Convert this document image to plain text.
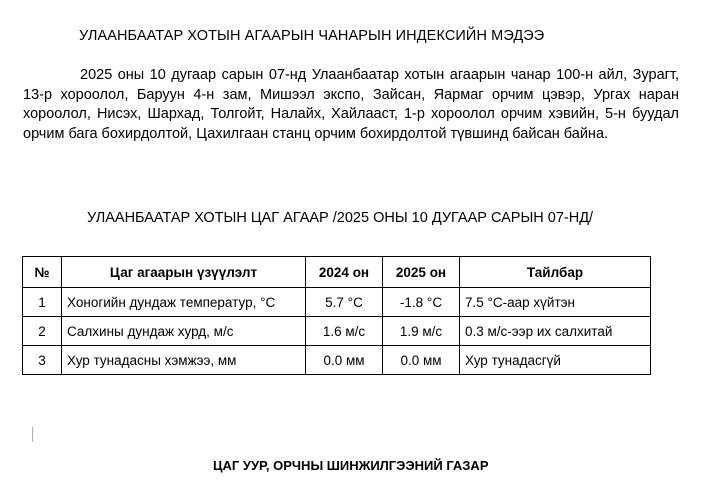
УЛААНБААТАР ХОТЫН АГААРЫН ЧАНАРЫН ИНДЕКСИЙН МЭДЭЭ
2025 оны 10 дугаар сарын 07-нд Улаанбаатар хотын агаарын чанар 100-н айл, Зурагт, 13-р хороолол, Баруун 4-н зам, Мишээл экспо, Зайсан, Яармаг орчим цэвэр, Ургах наран хороолол, Нисэх, Шархад, Толгойт, Налайх, Хайлааст, 1-р хороолол орчим хэвийн, 5-н буудал орчим бага бохирдолтой, Цахилгаан станц орчим бохирдолтой түвшинд байсан байна.
УЛААНБААТАР ХОТЫН ЦАГ АГААР /2025 ОНЫ 10 ДУГААР САРЫН 07-НД/
№	Цаг агаарын үзүүлэлт	2024 он	2025 он	Тайлбар
1	Хоногийн дундаж температур, °С	5.7 °С	-1.8 °С	7.5 °С-аар хүйтэн
2	Салхины дундаж хурд, м/с	1.6 м/с	1.9 м/с	0.3 м/с-ээр их салхитай
3	Хур тунадасны хэмжээ, мм	0.0 мм	0.0 мм	Хур тунадасгүй
ЦАГ УУР, ОРЧНЫ ШИНЖИЛГЭЭНИЙ ГАЗАР
